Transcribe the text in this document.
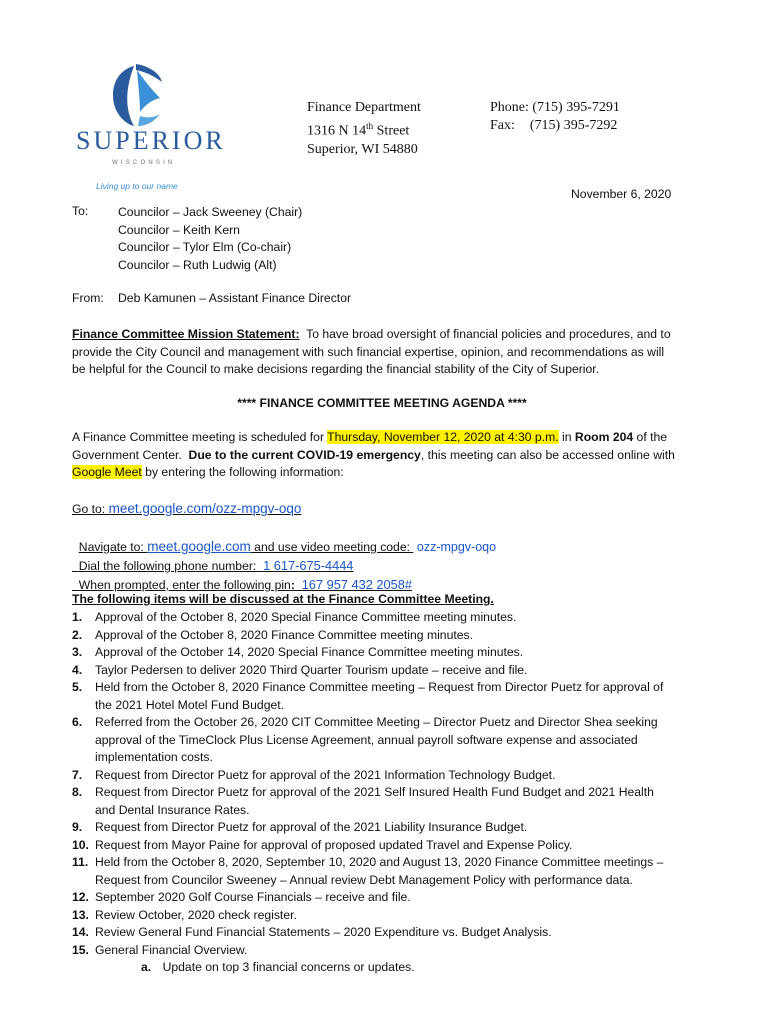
SUPERIOR
WISCONSIN
Living up to our name
Finance Department
1316 N 14th Street
Superior, WI 54880
Phone: (715) 395-7291
Fax: (715) 395-7292
November 6, 2020
To: Councilor – Jack Sweeney (Chair)
Councilor – Keith Kern
Councilor – Tylor Elm (Co-chair)
Councilor – Ruth Ludwig (Alt)
From: Deb Kamunen – Assistant Finance Director
Finance Committee Mission Statement:  To have broad oversight of financial policies and procedures, and to
provide the City Council and management with such financial expertise, opinion, and recommendations as will
be helpful for the Council to make decisions regarding the financial stability of the City of Superior.
**** FINANCE COMMITTEE MEETING AGENDA ****
A Finance Committee meeting is scheduled for Thursday, November 12, 2020 at 4:30 p.m. in Room 204 of the
Government Center.  Due to the current COVID-19 emergency, this meeting can also be accessed online with
Google Meet by entering the following information:
Go to: meet.google.com/ozz-mpgv-oqo

Navigate to: meet.google.com and use video meeting code:  ozz-mpgv-oqo

Dial the following phone number:  1 617-675-4444

When prompted, enter the following pin:  167 957 432 2058#

The following items will be discussed at the Finance Committee Meeting.
1.	Approval of the October 8, 2020 Special Finance Committee meeting minutes.
2.	Approval of the October 8, 2020 Finance Committee meeting minutes.
3.	Approval of the October 14, 2020 Special Finance Committee meeting minutes.
4.	Taylor Pedersen to deliver 2020 Third Quarter Tourism update – receive and file.
5.	Held from the October 8, 2020 Finance Committee meeting – Request from Director Puetz for approval of
the 2021 Hotel Motel Fund Budget.
6.	Referred from the October 26, 2020 CIT Committee Meeting – Director Puetz and Director Shea seeking
approval of the TimeClock Plus License Agreement, annual payroll software expense and associated
implementation costs.
7.	Request from Director Puetz for approval of the 2021 Information Technology Budget.
8.	Request from Director Puetz for approval of the 2021 Self Insured Health Fund Budget and 2021 Health
and Dental Insurance Rates.
9.	Request from Director Puetz for approval of the 2021 Liability Insurance Budget.
10. Request from Mayor Paine for approval of proposed updated Travel and Expense Policy.
11. Held from the October 8, 2020, September 10, 2020 and August 13, 2020 Finance Committee meetings –
Request from Councilor Sweeney – Annual review Debt Management Policy with performance data.
12. September 2020 Golf Course Financials – receive and file.
13. Review October, 2020 check register.
14. Review General Fund Financial Statements – 2020 Expenditure vs. Budget Analysis.
15. General Financial Overview.
a. Update on top 3 financial concerns or updates.
